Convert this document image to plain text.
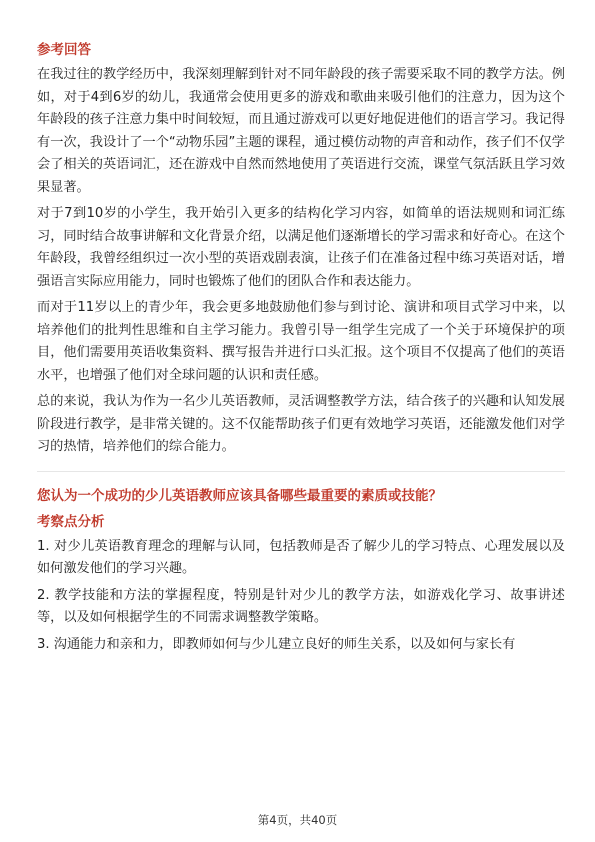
参考回答

在我过往的教学经历中，我深刻理解到针对不同年龄段的孩子需要采取不同的教学方法。例如，对于4到6岁的幼儿，我通常会使用更多的游戏和歌曲来吸引他们的注意力，因为这个年龄段的孩子注意力集中时间较短，而且通过游戏可以更好地促进他们的语言学习。我记得有一次，我设计了一个“动物乐园”主题的课程，通过模仿动物的声音和动作，孩子们不仅学会了相关的英语词汇，还在游戏中自然而然地使用了英语进行交流，课堂气氛活跃且学习效果显著。

对于7到10岁的小学生，我开始引入更多的结构化学习内容，如简单的语法规则和词汇练习，同时结合故事讲解和文化背景介绍，以满足他们逐渐增长的学习需求和好奇心。在这个年龄段，我曾经组织过一次小型的英语戏剧表演，让孩子们在准备过程中练习英语对话，增强语言实际应用能力，同时也锻炼了他们的团队合作和表达能力。

而对于11岁以上的青少年，我会更多地鼓励他们参与到讨论、演讲和项目式学习中来，以培养他们的批判性思维和自主学习能力。我曾引导一组学生完成了一个关于环境保护的项目，他们需要用英语收集资料、撰写报告并进行口头汇报。这个项目不仅提高了他们的英语水平，也增强了他们对全球问题的认识和责任感。

总的来说，我认为作为一名少儿英语教师，灵活调整教学方法，结合孩子的兴趣和认知发展阶段进行教学，是非常关键的。这不仅能帮助孩子们更有效地学习英语，还能激发他们对学习的热情，培养他们的综合能力。

您认为一个成功的少儿英语教师应该具备哪些最重要的素质或技能？
考察点分析

1. 对少儿英语教育理念的理解与认同，包括教师是否了解少儿的学习特点、心理发展以及如何激发他们的学习兴趣。

2. 教学技能和方法的掌握程度，特别是针对少儿的教学方法，如游戏化学习、故事讲述等，以及如何根据学生的不同需求调整教学策略。

3. 沟通能力和亲和力，即教师如何与少儿建立良好的师生关系，以及如何与家长有

第4页，共40页
